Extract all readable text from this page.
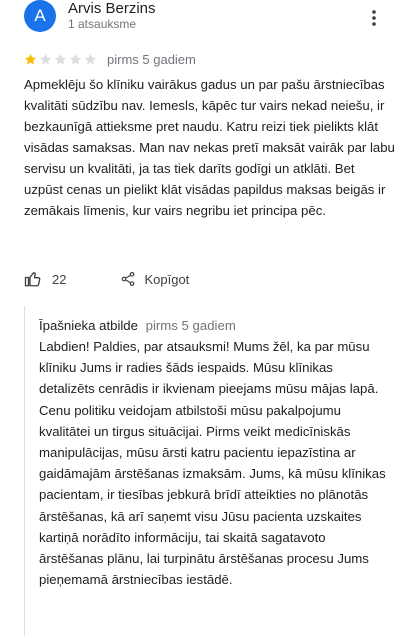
A	Arvis Berzins
1 atsauksme
pirms 5 gadiem
Apmeklēju šo klīniku vairākus gadus un par pašu ārstniecības kvalitāti sūdzību nav. Iemesls, kāpēc tur vairs nekad neiešu, ir bezkaunīgā attieksme pret naudu. Katru reizi tiek pielikts klāt visādas samaksas. Man nav nekas pretī maksāt vairāk par labu servisu un kvalitāti, ja tas tiek darīts godīgi un atklāti. Bet uzpūst cenas un pielikt klāt visādas papildus maksas beigās ir zemākais līmenis, kur vairs negribu iet principa pēc.
22	Kopīgot
Īpašnieka atbilde pirms 5 gadiem
Labdien! Paldies, par atsauksmi! Mums žēl, ka par mūsu klīniku Jums ir radies šāds iespaids. Mūsu klīnikas detalizēts cenrādis ir ikvienam pieejams mūsu mājas lapā. Cenu politiku veidojam atbilstoši mūsu pakalpojumu kvalitātei un tirgus situācijai. Pirms veikt medicīniskās manipulācijas, mūsu ārsti katru pacientu iepazīstina ar gaidāmajām ārstēšanas izmaksām. Jums, kā mūsu klīnikas pacientam, ir tiesības jebkurā brīdī atteikties no plānotās ārstēšanas, kā arī saņemt visu Jūsu pacienta uzskaites kartiņā norādīto informāciju, tai skaitā sagatavoto ārstēšanas plānu, lai turpinātu ārstēšanas procesu Jums pieņemamā ārstniecības iestādē.
